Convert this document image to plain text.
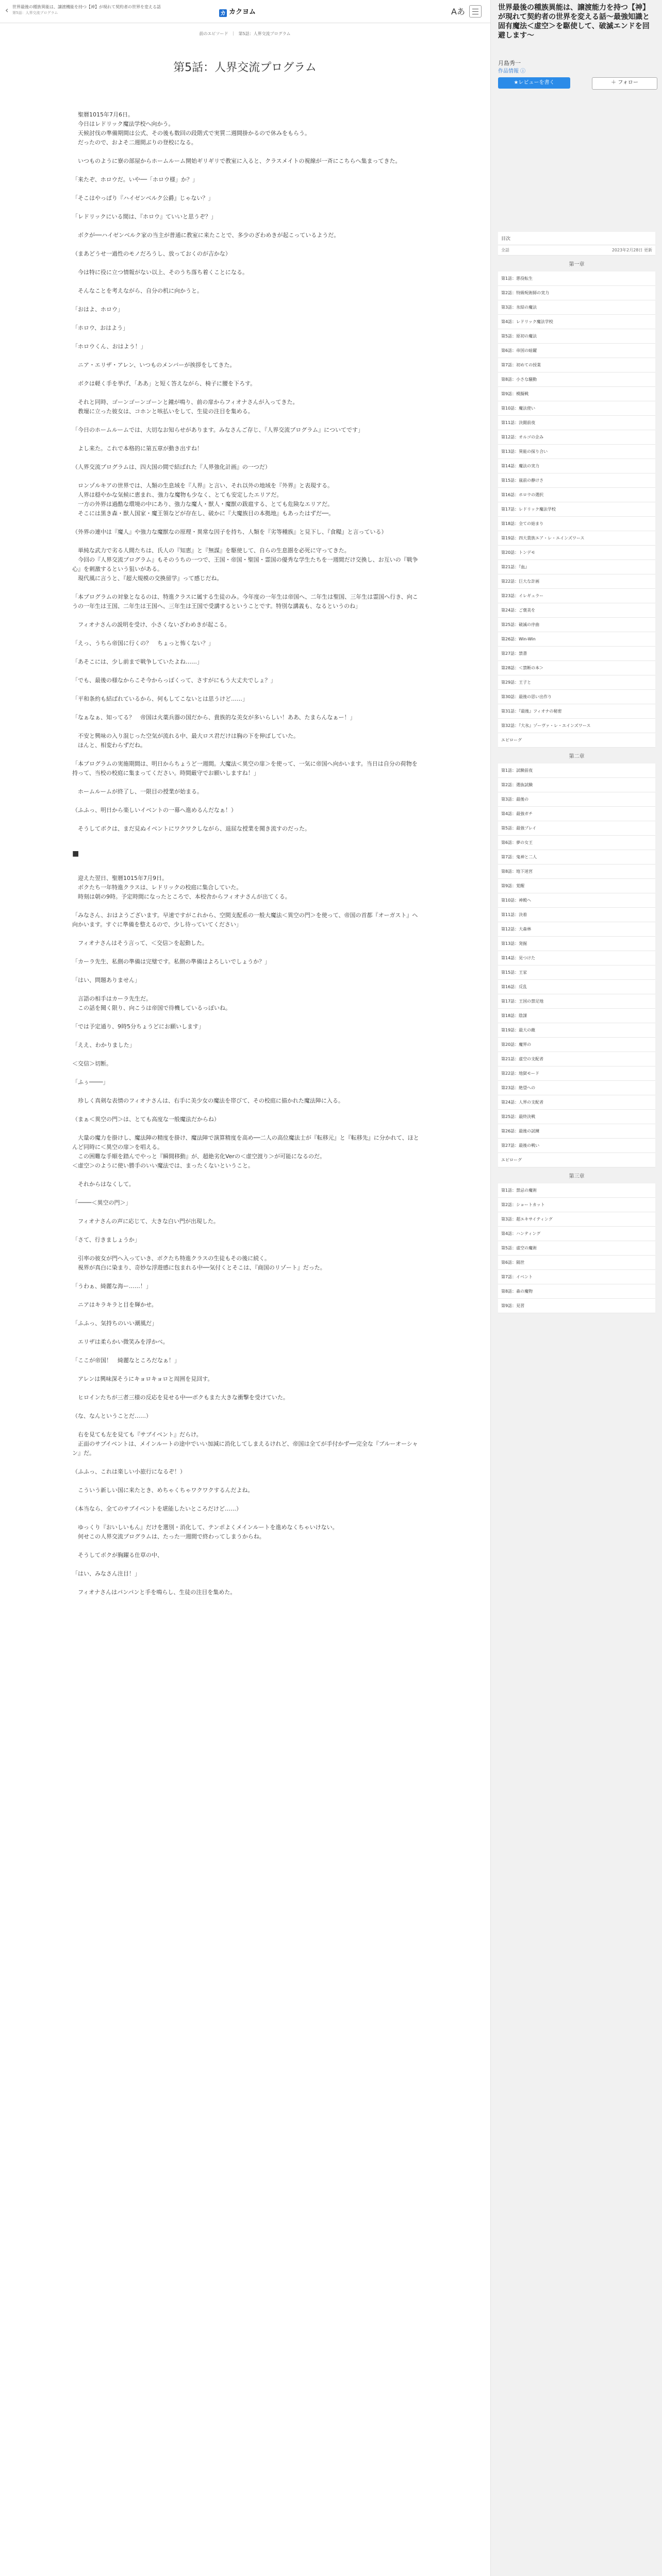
‹ 世界最後の種族異能は、譲渡機能を持つ【神】が現れて契約者の世界を変える話
第5話：人界交流プログラム	カ カクヨム	Aあ
前のエピソード ｜ 第5話：人界交流プログラム
第5話：人界交流プログラム

　聖暦1015年7月6日。

　今日はレドリック魔法学校へ向かう。

　天候討伐の準備期間は公式、その後も数回の段階式で実質二週間掛かるので休みをもらう。

　だったので、およそ二週間ぶりの登校になる。

　いつものように寮の部屋からホームルーム開始ギリギリで教室に入ると、クラスメイトの視線が一斉にこちらへ集まってきた。

「来たぞ、ホロウだ。いや──「ホロウ様」か？」

「そこはやっぱり『ハイゼンベルク公爵』じゃない？」

「レドリックにいる間は、『ホロウ』ていいと思うぞ？」

　ボクが──ハイゼンベルク家の当主が普通に教室に来たことで、多少のざわめきが起こっているようだ。

（まあどうせ一過性のモノだろうし、放っておくのが吉かな）

　今は特に役に立つ情報がない以上、そのうち落ち着くことになる。

　そんなことを考えながら、自分の机に向かうと。

「おはよ、ホロウ」

「ホロウ、おはよう」

「ホロウくん、おはよう！」

　ニア・エリザ・アレン、いつものメンバーが挨拶をしてきた。

　ボクは軽く手を挙げ、「ああ」と短く答えながら、椅子に腰を下ろす。

　それと同時、ゴーンゴーンゴーンと鐘が鳴り、前の扉からフィオナさんが入ってきた。

　教壇に立った彼女は、コホンと咳払いをして、生徒の注目を集める。

「今日のホームルームでは、大切なお知らせがあります。みなさんご存じ、『人界交流プログラム』についてです」

　よし来た。これで本格的に第五章が動き出すね！

（人界交流プログラムは、四大国の間で結ばれた『人界強化計画』の一つだ）

　ロンゾルキアの世界では、人類の生息域を『人界』と言い、それ以外の地域を『外界』と表現する。

　人界は穏やかな気候に恵まれ、強力な魔物も少なく、とても安定したエリアだ。

　一方の外界は過酷な環境の中にあり、強力な魔人・獣人・魔獣の跋扈する、とても危険なエリアだ。

　そこには黒き森・獣人国家・魔王領などが存在し、破かに『大魔族目の本拠地』もあったはずだ──。

（外界の連中は『魔人』や強力な魔獣なの原理・異常な因子を持ち、人類を『劣等種族』と見下し、『食糧』と言っている）

　単純な武力で劣る人間たちは、氏人の『知恵』と『無謀』を駆使して、自らの生息圏を必死に守ってきた。

　今回の『人界交流プログラム』もそのうちの一つで、王国・帝国・聖国・霊国の優秀な学生たちを一週間だけ交換し、お互いの『戦争心』を刺激するという狙いがある。

　現代風に言うと、『超大規模の交換留学』って感じだね。

「本プログラムの対象となるのは、特進クラスに属する生徒のみ。今年度の一年生は帝国へ、二年生は聖国、三年生は霊国へ行き、向こうの一年生は王国、二年生は王国へ、三年生は王国で受講するということです。特別な講義も、なるというのね」

　フィオナさんの説明を受け、小さくないざわめきが起こる。

「えっ、うちら帝国に行くの？　ちょっと怖くない？」

「あそこには、少し前まで戦争していたよね……」

「でも、最後の様なからこそ今からっぽくって、さすがにもう大丈夫でしょ？」

「平和条約も結ばれているから、何もしてこないとは思うけど……」

「なぁなぁ、知ってる？　帝国は火薬兵器の国だから、貴族的な美女が多いらしい！ああ、たまらんなぁー！」

　不安と興味の入り混じった空気が流れる中、最大ロス君だけは胸の下を伸ばしていた。

　ほんと、相変わらずだね。

「本プログラムの実施期間は、明日からちょうど一週間。大魔法＜異空の扉＞を使って、一気に帝国へ向かいます。当日は自分の荷物を持って、当校の校庭に集まってください。時間厳守でお願いしますね！」

　ホームルームが終了し、一限目の授業が始まる。

（ふふっ、明日から楽しいイベントの一幕へ進めるんだなぁ！）

　そうしてボクは、まだ見ぬイベントにワクワクしながら、退屈な授業を聞き流すのだった。

■

　迎えた翌日、聖暦1015年7月9日。

　ボクたち一年特進クラスは、レドリックの校庭に集合していた。

　時刻は朝の9時。予定時間になったところで、本校舎からフィオナさんが出てくる。

「みなさん、おはようございます。早速ですがこれから、空間支配系の一般大魔法＜異空の門＞を使って、帝国の首都『オーガスト』へ向かいます。すぐに準備を整えるので、少し待っていてください」

　フィオナさんはそう言って、＜交信＞を起動した。

「カーラ先生、私側の準備は完璧です。私側の準備はよろしいでしょうか？」

「はい、問題ありません」

　言語の相手はカーラ先生だ。

　この話を聞く限り、向こうは帝国で待機しているっぽいね。

「では予定通り、9時5分ちょうどにお願いします」

「ええ、わかりました」

＜交信＞切断。

「ふぅ────」

　珍しく真剣な表情のフィオナさんは、右手に美少女の魔法を帯びて、その校庭に描かれた魔法陣に入る。

（まぁ＜異空の門＞は、とても高度な一般魔法だからね）

　大量の魔力を掛けし、魔法陣の精度を掛け、魔法陣で演算精度を高め──二人の高位魔法士が『転移元』と『転移先』に分かれて、ほとんど同時に＜異空の扉＞を唱える。

　この困難な手順を踏んでやっと『瞬間移動』が、超絶劣化Verの＜虚空渡り＞が可能になるのだ。

＜虚空＞のように使い勝手のいい魔法では、まったくないということ。

　それからはなくして。

「────＜異空の門＞」

　フィオナさんの声に応じて、大きな白い門が出現した。

「さて、行きましょうか」

　引率の彼女が門へ入っていき、ボクたち特進クラスの生徒もその後に続く。

　視界が真白に染まり、奇妙な浮遊感に包まれる中──気付くとそこは、『商国のリゾート』だった。

「うわぁ、綺麗な海ー……！」

　ニアはキラキラと目を輝かせ。

「ふふっ、気持ちのいい潮風だ」

　エリザは柔らかい微笑みを浮かべ。

「ここが帝国！　綺麗なところだなぁ！」

　アレンは興味深そうにキョロキョロと周囲を見回す。

　ヒロインたちが三者三様の反応を見せる中──ボクもまた大きな衝撃を受けていた。

（な、なんということだ……）

　右を見ても左を見ても『サブイベント』だらけ。

　正面のサブイベントは、メインルートの途中でいい加減に消化してしまえるけれど、帝国は全てが手付かず──完全な『ブルーオーシャン』だ。

（ふふっ、これは楽しい小旅行になるぞ！）

　こういう新しい国に来たとき、めちゃくちゃワクワクするんだよね。

（本当なら、全てのサブイベントを堪能したいところだけど……）

　ゆっくり『おいしいもん』だけを選別・消化して、テンポよくメインルートを進めなくちゃいけない。

　何せこの人界交流プログラムは、たった一週間で終わってしまうからね。

　そうしてボクが胸躍る仕草の中、

「はい、みなさん注目！」

　フィオナさんはパンパンと手を鳴らし、生徒の注目を集めた。

世界最後の種族異能は、譲渡能力を持つ【神】が現れて契約者の世界を変える話～最強知識と固有魔法＜虚空＞を駆使して、破滅エンドを回避します～
月島秀一
作品情報 ⓘ
★レビューを書く	＋ フォロー
目次
全話	2023年2月28日 更新
第一章
第1話：悪役転生
第2話：特級呪術師の実力
第3話：氷結の魔法
第4話：レドリック魔法学校
第5話：原初の魔法
第6話：帝国の暗躍
第7話：初めての授業
第8話：小さな騒動
第9話：模擬戦
第10話：魔法使い
第11話：決闘前夜
第12話：オルゴの企み
第13話：異能の探り合い
第14話：魔法の実力
第15話：嵐前の静けさ
第16話：ホロウの選択
第17話：レドリック魔法学校
第18話：全ての始まり
第19話：四大貴族エア・レ・エインズワース
第20話：トンデモ
第21話：『血』
第22話：巨大な計画
第23話：イレギュラー
第24話：ご褒美を
第25話：破滅の序曲
第26話：Win-Win
第27話：禁書
第28話：＜禁断の本＞
第29話：王子と
第30話：最後の思い出作り
第31話：『最後』フィオナの秘密
第32話：『大氷』ゾーヴァ・レ・エインズワース
エピローグ
第二章
第1話：試験前夜
第2話：選抜試験
第3話：最後の
第4話：最強ガチ
第5話：最強プレイ
第6話：夢の女王
第7話：鬼神と二人
第8話：地下迷宮
第9話：覚醒
第10話：神殿へ
第11話：決着
第12話：大森林
第13話：発掘
第14話：見つけた
第15話：王家
第16話：反乱
第17話：王国の禁足地
第18話：陰謀
第19話：最大の敵
第20話：魔界の
第21話：虚空の支配者
第22話：地獄モード
第23話：絶望への
第24話：人界の支配者
第25話：最終決戦
第26話：最後の試練
第27話：最後の戦い
エピローグ
第三章
第1話：禁忌の魔術
第2話：ショートカット
第3話：超エキサイティング
第4話：ハンティング
第5話：虚空の魔術
第6話：隔世
第7話：イベント
第8話：森の魔物
第9話：見習
